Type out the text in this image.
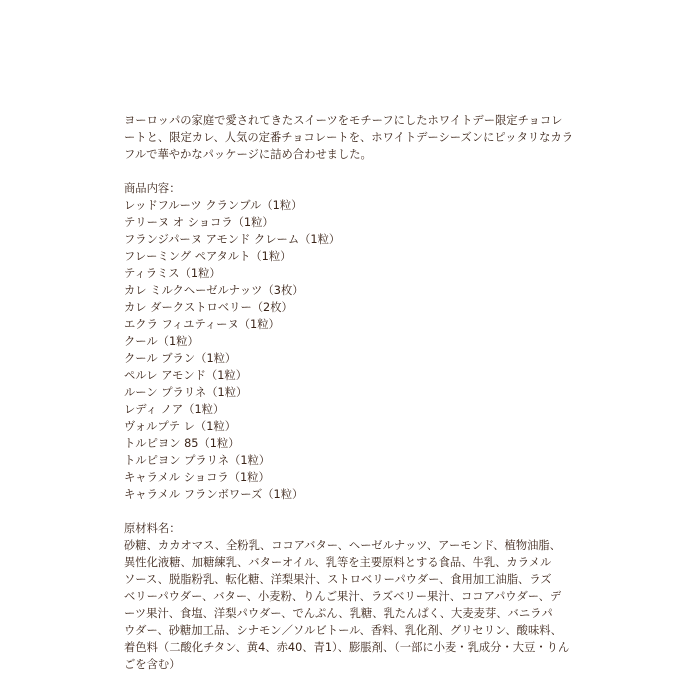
ヨーロッパの家庭で愛されてきたスイーツをモチーフにしたホワイトデー限定チョコレ
ートと、限定カレ、人気の定番チョコレートを、ホワイトデーシーズンにピッタリなカラ
フルで華やかなパッケージに詰め合わせました。
商品内容：
レッドフルーツ クランブル（1粒）
テリーヌ オ ショコラ（1粒）
フランジパーヌ アモンド クレーム（1粒）
フレーミング ペアタルト（1粒）
ティラミス（1粒）
カレ ミルクヘーゼルナッツ（3枚）
カレ ダークストロベリー（2枚）
エクラ フィユティーヌ（1粒）
クール（1粒）
クール ブラン（1粒）
ペルレ アモンド（1粒）
ルーン プラリネ（1粒）
レディ ノア（1粒）
ヴォルプテ レ（1粒）
トルピヨン 85（1粒）
トルピヨン プラリネ（1粒）
キャラメル ショコラ（1粒）
キャラメル フランボワーズ（1粒）
原材料名：
砂糖、カカオマス、全粉乳、ココアバター、ヘーゼルナッツ、アーモンド、植物油脂、
異性化液糖、加糖練乳、バターオイル、乳等を主要原料とする食品、牛乳、カラメル
ソース、脱脂粉乳、転化糖、洋梨果汁、ストロベリーパウダー、食用加工油脂、ラズ
ベリーパウダー、バター、小麦粉、りんご果汁、ラズベリー果汁、ココアパウダー、デ
ーツ果汁、食塩、洋梨パウダー、でんぷん、乳糖、乳たんぱく、大麦麦芽、バニラパ
ウダー、砂糖加工品、シナモン／ソルビトール、香料、乳化剤、グリセリン、酸味料、
着色料（二酸化チタン、黄4、赤40、青1）、膨脹剤、（一部に小麦・乳成分・大豆・りん
ごを含む）
